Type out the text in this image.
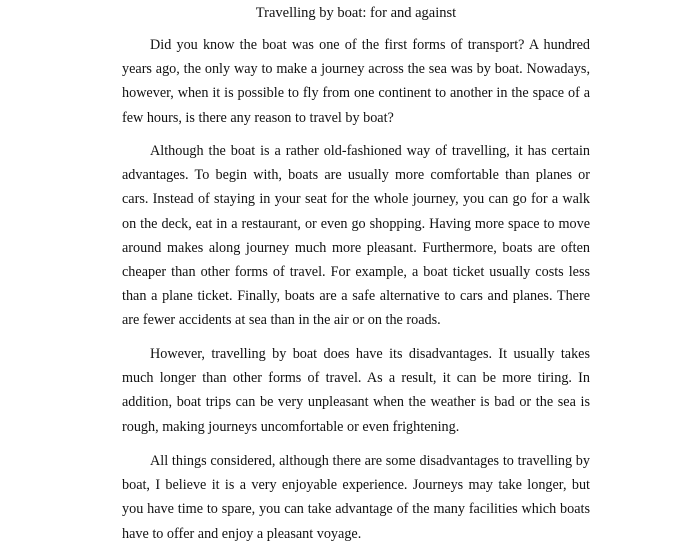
Travelling by boat: for and against

Did you know the boat was one of the first forms of transport? A hundred years ago, the only way to make a journey across the sea was by boat. Nowadays, however, when it is possible to fly from one continent to another in the space of a few hours, is there any reason to travel by boat?

Although the boat is a rather old-fashioned way of travelling, it has certain advantages. To begin with, boats are usually more comfortable than planes or cars. Instead of staying in your seat for the whole journey, you can go for a walk on the deck, eat in a restaurant, or even go shopping. Having more space to move around makes along journey much more pleasant. Furthermore, boats are often cheaper than other forms of travel. For example, a boat ticket usually costs less than a plane ticket. Finally, boats are a safe alternative to cars and planes. There are fewer accidents at sea than in the air or on the roads.

However, travelling by boat does have its disadvantages. It usually takes much longer than other forms of travel. As a result, it can be more tiring. In addition, boat trips can be very unpleasant when the weather is bad or the sea is rough, making journeys uncomfortable or even frightening.

All things considered, although there are some disadvantages to travelling by boat, I believe it is a very enjoyable experience. Journeys may take longer, but you have time to spare, you can take advantage of the many facilities which boats have to offer and enjoy a pleasant voyage.
